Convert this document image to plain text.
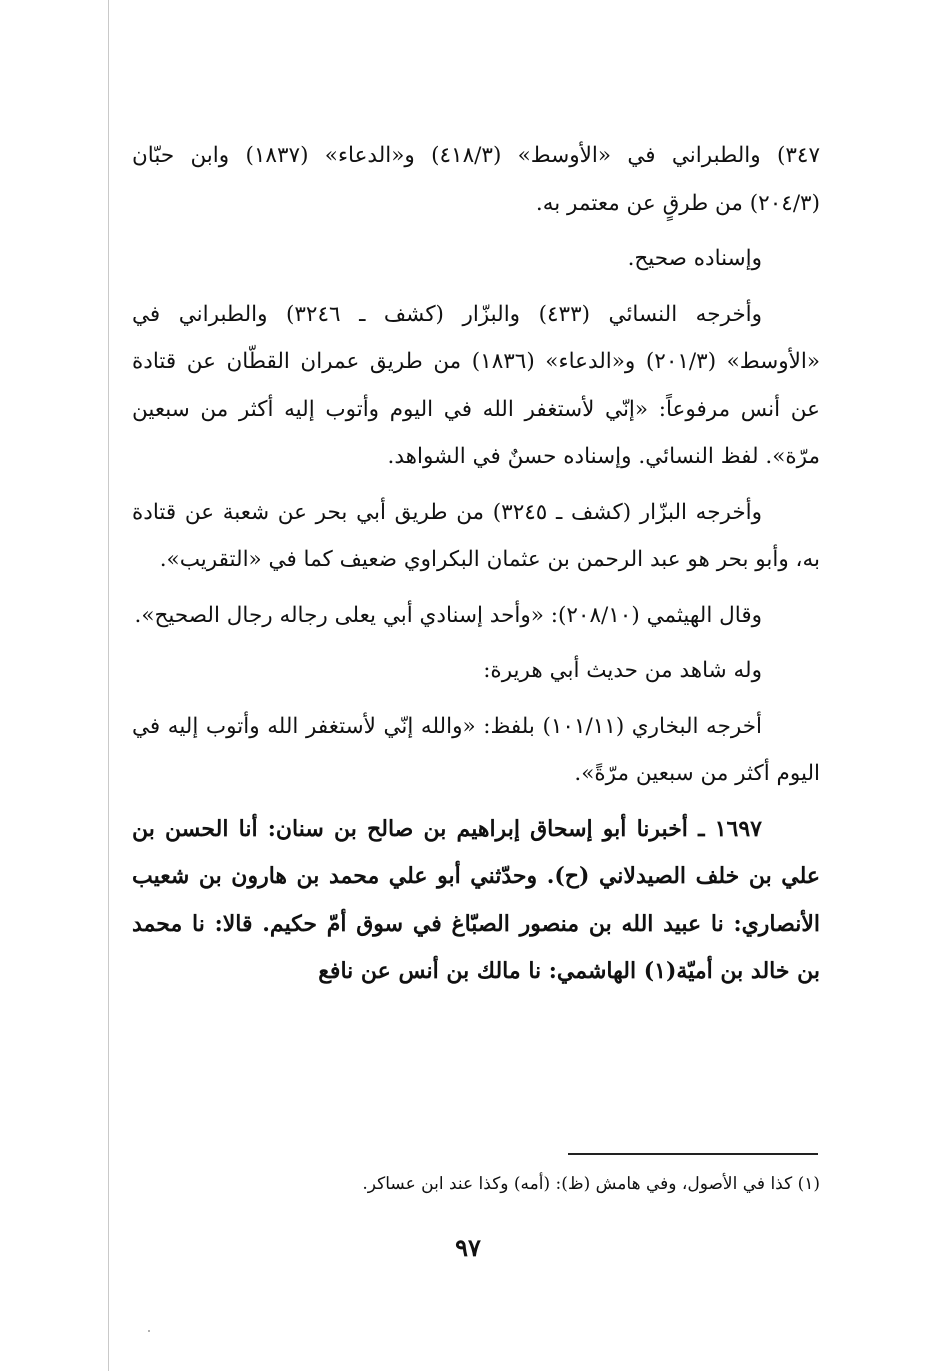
٣٤٧) والطبراني في «الأوسط» (٤١٨/٣) و«الدعاء» (١٨٣٧) وابن حبّان (٢٠٤/٣) من طرقٍ عن معتمر به.

وإسناده صحيح.

وأخرجه النسائي (٤٣٣) والبزّار (كشف ـ ٣٢٤٦) والطبراني في «الأوسط» (٢٠١/٣) و«الدعاء» (١٨٣٦) من طريق عمران القطّان عن قتادة عن أنس مرفوعاً: «إنّي لأستغفر الله في اليوم وأتوب إليه أكثر من سبعين مرّة». لفظ النسائي. وإسناده حسنٌ في الشواهد.

وأخرجه البزّار (كشف ـ ٣٢٤٥) من طريق أبي بحر عن شعبة عن قتادة به، وأبو بحر هو عبد الرحمن بن عثمان البكراوي ضعيف كما في «التقريب».

وقال الهيثمي (٢٠٨/١٠): «وأحد إسنادي أبي يعلى رجاله رجال الصحيح».

وله شاهد من حديث أبي هريرة:

أخرجه البخاري (١٠١/١١) بلفظ: «والله إنّي لأستغفر الله وأتوب إليه في اليوم أكثر من سبعين مرّةً».

١٦٩٧ ـ أخبرنا أبو إسحاق إبراهيم بن صالح بن سنان: أنا الحسن بن علي بن خلف الصيدلاني (ح). وحدّثني أبو علي محمد بن هارون بن شعيب الأنصاري: نا عبيد الله بن منصور الصبّاغ في سوق أمّ حكيم. قالا: نا محمد بن خالد بن أميّة(١) الهاشمي: نا مالك بن أنس عن نافع

(١) كذا في الأصول، وفي هامش (ظ): (أمه) وكذا عند ابن عساكر.
٩٧
